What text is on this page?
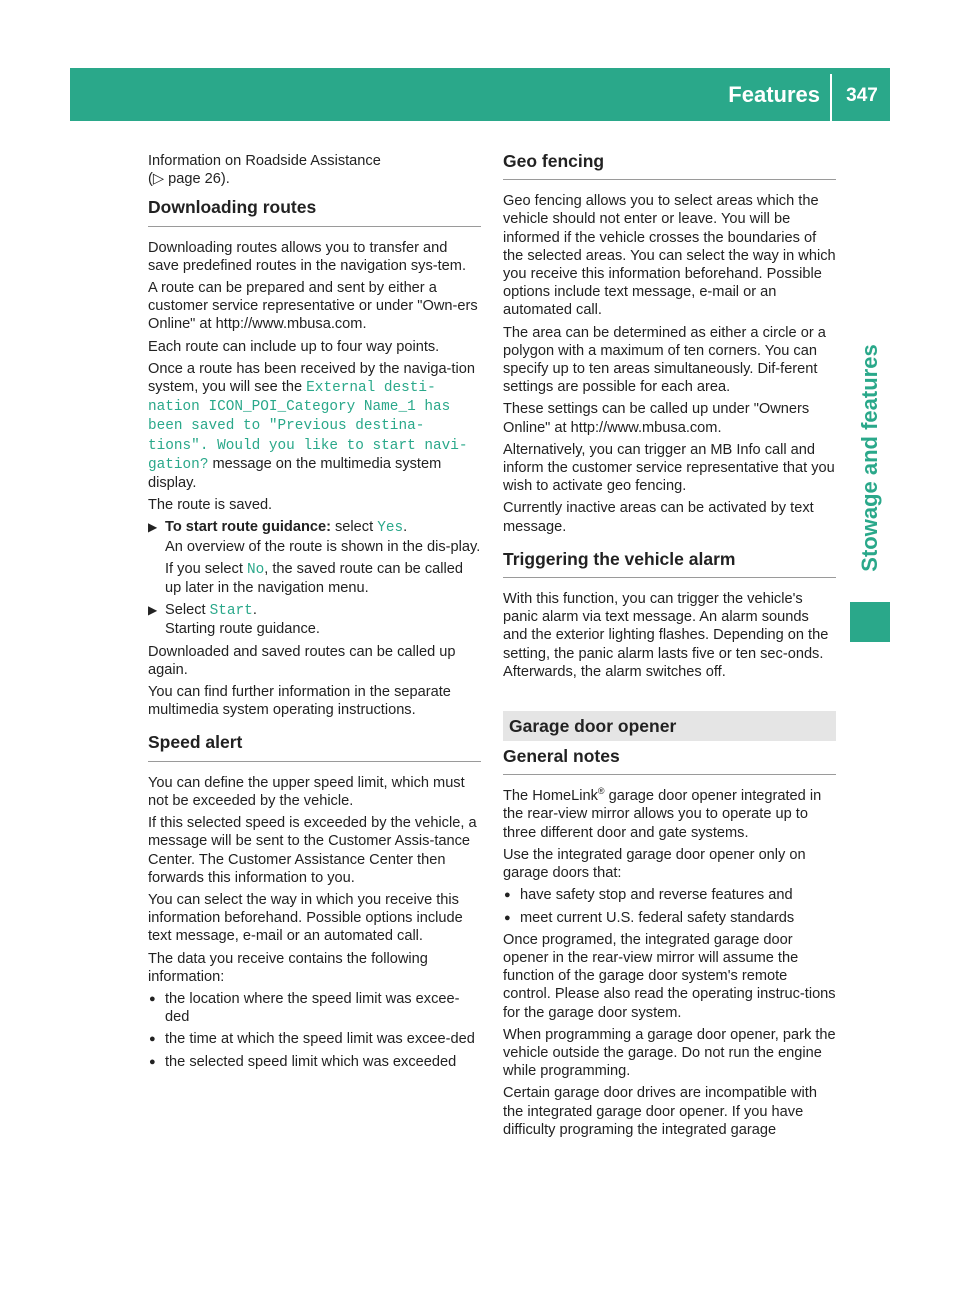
Features	347
Stowage and features

Information on Roadside Assistance
(▷ page 26).

Downloading routes

Downloading routes allows you to transfer and save predefined routes in the navigation sys-tem.

A route can be prepared and sent by either a customer service representative or under "Own-ers Online" at http://www.mbusa.com.

Each route can include up to four way points.

Once a route has been received by the naviga-tion system, you will see the External desti‐nation ICON_POI_Category Name_1 has been saved to "Previous destina‐tions". Would you like to start navi‐gation? message on the multimedia system display.

The route is saved.

▶ To start route guidance: select Yes.
An overview of the route is shown in the dis-play.
If you select No, the saved route can be called up later in the navigation menu.
▶ Select Start.
Starting route guidance.

Downloaded and saved routes can be called up again.

You can find further information in the separate multimedia system operating instructions.

Speed alert

You can define the upper speed limit, which must not be exceeded by the vehicle.

If this selected speed is exceeded by the vehicle, a message will be sent to the Customer Assis-tance Center. The Customer Assistance Center then forwards this information to you.

You can select the way in which you receive this information beforehand. Possible options include text message, e-mail or an automated call.

The data you receive contains the following information:

● the location where the speed limit was excee-ded
● the time at which the speed limit was excee-ded
● the selected speed limit which was exceeded
Geo fencing

Geo fencing allows you to select areas which the vehicle should not enter or leave. You will be informed if the vehicle crosses the boundaries of the selected areas. You can select the way in which you receive this information beforehand. Possible options include text message, e-mail or an automated call.

The area can be determined as either a circle or a polygon with a maximum of ten corners. You can specify up to ten areas simultaneously. Dif-ferent settings are possible for each area.

These settings can be called up under "Owners Online" at http://www.mbusa.com.

Alternatively, you can trigger an MB Info call and inform the customer service representative that you wish to activate geo fencing.

Currently inactive areas can be activated by text message.

Triggering the vehicle alarm

With this function, you can trigger the vehicle's panic alarm via text message. An alarm sounds and the exterior lighting flashes. Depending on the setting, the panic alarm lasts five or ten sec-onds. Afterwards, the alarm switches off.

Garage door opener
General notes

The HomeLink® garage door opener integrated in the rear-view mirror allows you to operate up to three different door and gate systems.

Use the integrated garage door opener only on garage doors that:

● have safety stop and reverse features and
● meet current U.S. federal safety standards

Once programed, the integrated garage door opener in the rear-view mirror will assume the function of the garage door system's remote control. Please also read the operating instruc-tions for the garage door system.

When programming a garage door opener, park the vehicle outside the garage. Do not run the engine while programming.

Certain garage door drives are incompatible with the integrated garage door opener. If you have difficulty programing the integrated garage
